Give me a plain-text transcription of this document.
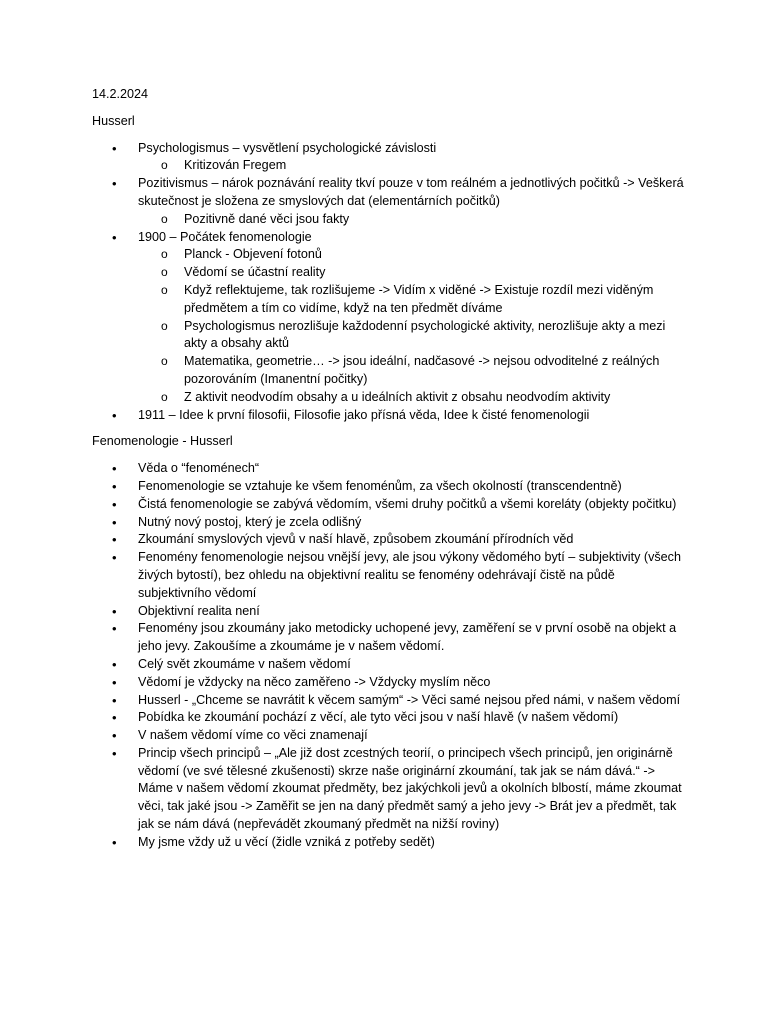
14.2.2024

Husserl

• Psychologismus – vysvětlení psychologické závislosti
o Kritizován Fregem
• Pozitivismus – nárok poznávání reality tkví pouze v tom reálném a jednotlivých počitků -> Veškerá skutečnost je složena ze smyslových dat (elementárních počitků)
o Pozitivně dané věci jsou fakty
• 1900 – Počátek fenomenologie
o Planck - Objevení fotonů
o Vědomí se účastní reality
o Když reflektujeme, tak rozlišujeme -> Vidím x viděné -> Existuje rozdíl mezi viděným předmětem a tím co vidíme, když na ten předmět díváme
o Psychologismus nerozlišuje každodenní psychologické aktivity, nerozlišuje akty a mezi akty a obsahy aktů
o Matematika, geometrie… -> jsou ideální, nadčasové -> nejsou odvoditelné z reálných pozorováním (Imanentní počitky)
o Z aktivit neodvodím obsahy a u ideálních aktivit z obsahu neodvodím aktivity
• 1911 – Idee k první filosofii, Filosofie jako přísná věda, Idee k čisté fenomenologii

Fenomenologie - Husserl

• Věda o “fenoménech“
• Fenomenologie se vztahuje ke všem fenoménům, za všech okolností (transcendentně)
• Čistá fenomenologie se zabývá vědomím, všemi druhy počitků a všemi koreláty (objekty počitku)
• Nutný nový postoj, který je zcela odlišný
• Zkoumání smyslových vjevů v naší hlavě, způsobem zkoumání přírodních věd
• Fenomény fenomenologie nejsou vnější jevy, ale jsou výkony vědomého bytí – subjektivity (všech živých bytostí), bez ohledu na objektivní realitu se fenomény odehrávají čistě na půdě subjektivního vědomí
• Objektivní realita není
• Fenomény jsou zkoumány jako metodicky uchopené jevy, zaměření se v první osobě na objekt a jeho jevy. Zakoušíme a zkoumáme je v našem vědomí.
• Celý svět zkoumáme v našem vědomí
• Vědomí je vždycky na něco zaměřeno -> Vždycky myslím něco
• Husserl - „Chceme se navrátit k věcem samým“ -> Věci samé nejsou před námi, v našem vědomí
• Pobídka ke zkoumání pochází z věcí, ale tyto věci jsou v naší hlavě (v našem vědomí)
• V našem vědomí víme co věci znamenají
• Princip všech principů – „Ale již dost zcestných teorií, o principech všech principů, jen originárně vědomí (ve své tělesné zkušenosti) skrze naše originární zkoumání, tak jak se nám dává.“ -> Máme v našem vědomí zkoumat předměty, bez jakýchkoli jevů a okolních blbostí, máme zkoumat věci, tak jaké jsou -> Zaměřit se jen na daný předmět samý a jeho jevy -> Brát jev a předmět, tak jak se nám dává (nepřevádět zkoumaný předmět na nižší roviny)
• My jsme vždy už u věcí (židle vzniká z potřeby sedět)
